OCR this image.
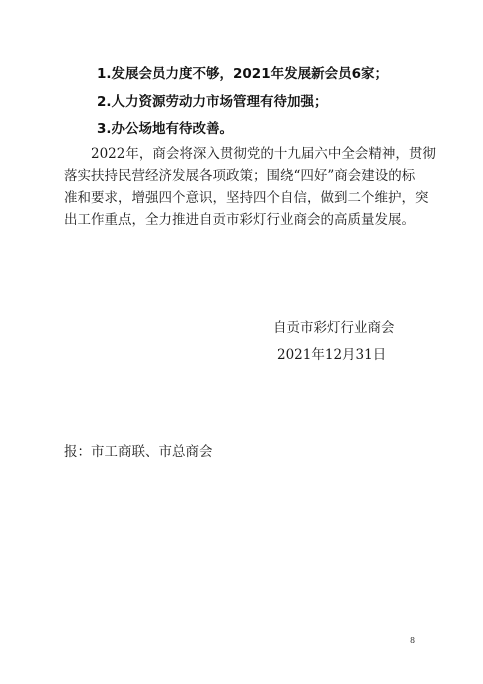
1.发展会员力度不够，2021年发展新会员6家；
2.人力资源劳动力市场管理有待加强；
3.办公场地有待改善。
2022年，商会将深入贯彻党的十九届六中全会精神，贯彻
落实扶持民营经济发展各项政策；围绕“四好”商会建设的标
准和要求，增强四个意识，坚持四个自信，做到二个维护，突
出工作重点，全力推进自贡市彩灯行业商会的高质量发展。
自贡市彩灯行业商会
2021年12月31日
报：市工商联、市总商会
8
